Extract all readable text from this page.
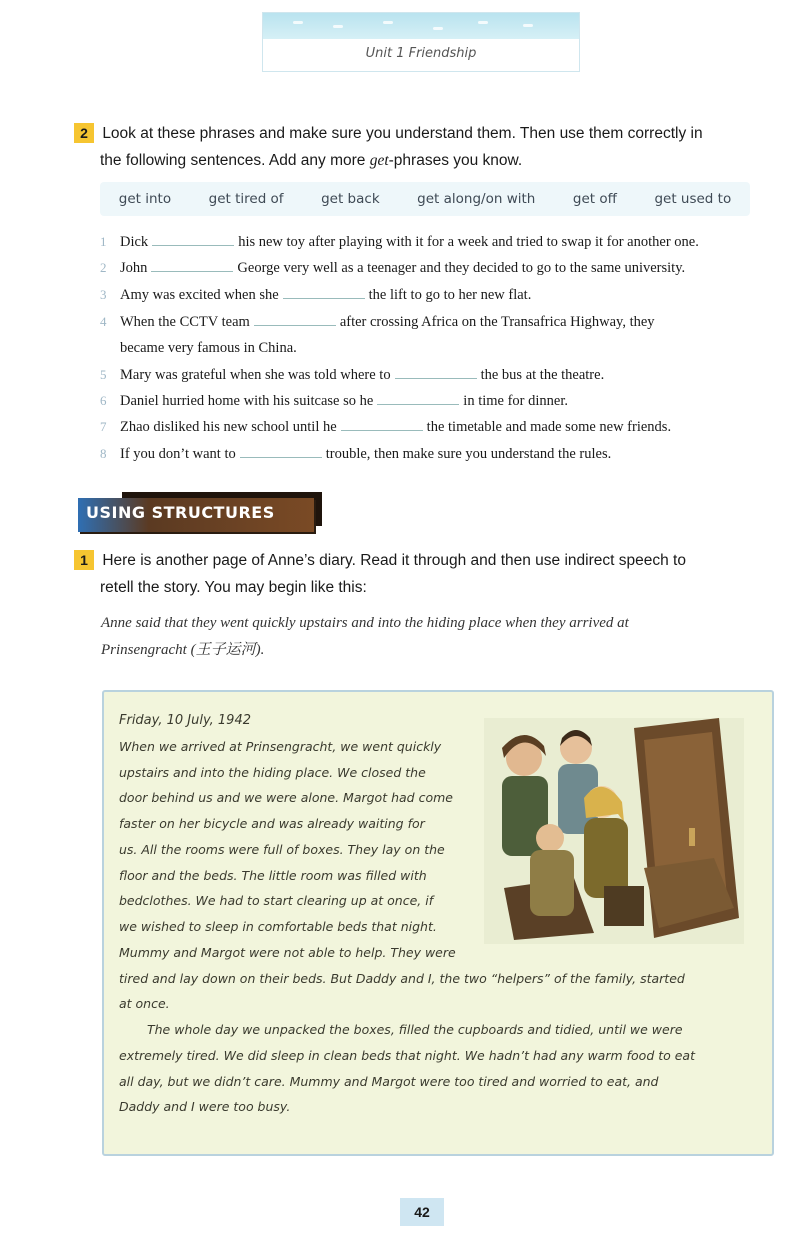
Unit 1 Friendship
2 Look at these phrases and make sure you understand them. Then use them correctly in
the following sentences. Add any more get-phrases you know.
get into	get tired of	get back	get along/on with	get off	get used to
1 Dick	his new toy after playing with it for a week and tried to swap it for another one.
2 John	George very well as a teenager and they decided to go to the same university.
3 Amy was excited when she	the lift to go to her new flat.
4 When the CCTV team	after crossing Africa on the Transafrica Highway, they
became very famous in China.
5 Mary was grateful when she was told where to	the bus at the theatre.
6 Daniel hurried home with his suitcase so he	in time for dinner.
7 Zhao disliked his new school until he	the timetable and made some new friends.
8 If you don’t want to	trouble, then make sure you understand the rules.
USING STRUCTURES
1 Here is another page of Anne’s diary. Read it through and then use indirect speech to
retell the story. You may begin like this:
Anne said that they went quickly upstairs and into the hiding place when they arrived at
Prinsengracht (王子运河).
Friday, 10 July, 1942
When we arrived at Prinsengracht, we went quickly
upstairs and into the hiding place. We closed the
door behind us and we were alone. Margot had come
faster on her bicycle and was already waiting for
us. All the rooms were full of boxes. They lay on the
floor and the beds. The little room was filled with
bedclothes. We had to start clearing up at once, if
we wished to sleep in comfortable beds that night.
Mummy and Margot were not able to help. They were
tired and lay down on their beds. But Daddy and I, the two “helpers” of the family, started
at once.
The whole day we unpacked the boxes, filled the cupboards and tidied, until we were
extremely tired. We did sleep in clean beds that night. We hadn’t had any warm food to eat
all day, but we didn’t care. Mummy and Margot were too tired and worried to eat, and
Daddy and I were too busy.
42
